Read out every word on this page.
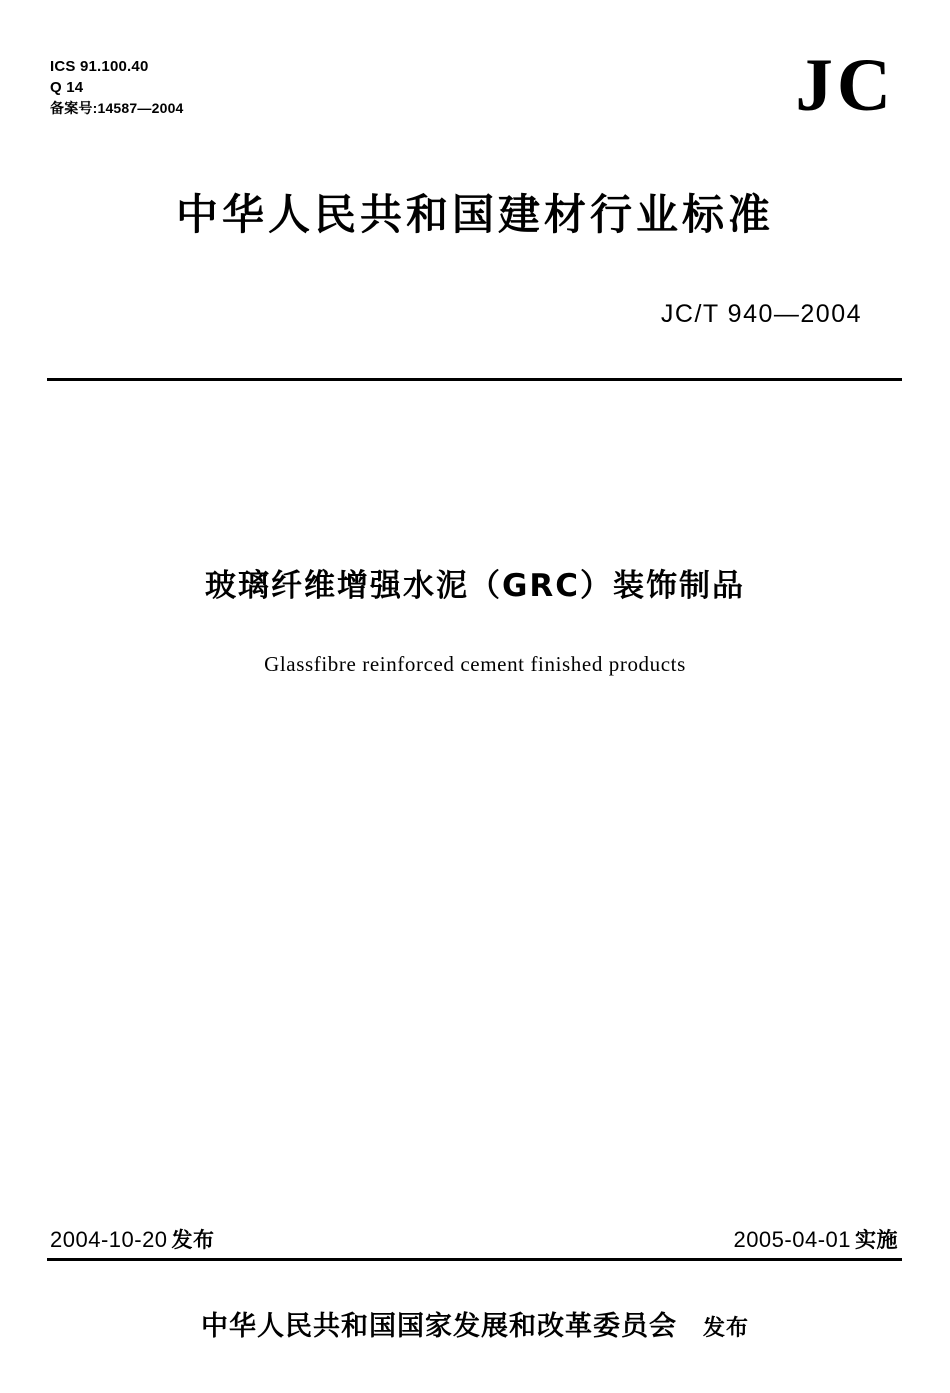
ICS 91.100.40
Q 14
备案号:14587—2004	JC
中华人民共和国建材行业标准
JC/T 940—2004
玻璃纤维增强水泥（GRC）装饰制品
Glassfibre reinforced cement finished products
2004-10-20 发布	2005-04-01 实施
中华人民共和国国家发展和改革委员会 发布
